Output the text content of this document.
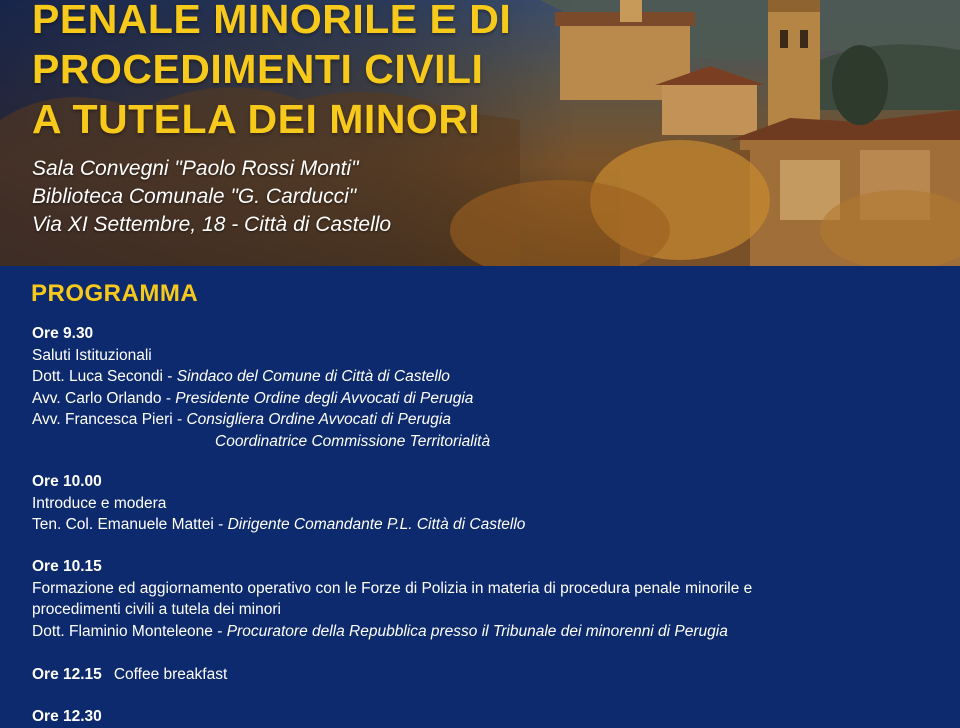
PENALE MINORILE E DI
PROCEDIMENTI CIVILI
A TUTELA DEI MINORI
Sala Convegni "Paolo Rossi Monti"
Biblioteca Comunale "G. Carducci"
Via XI Settembre, 18 - Città di Castello
PROGRAMMA
Ore 9.30
Saluti Istituzionali
Dott. Luca Secondi - Sindaco del Comune di Città di Castello
Avv. Carlo Orlando - Presidente Ordine degli Avvocati di Perugia
Avv. Francesca Pieri - Consigliera Ordine Avvocati di Perugia
Coordinatrice Commissione Territorialità
Ore 10.00
Introduce e modera
Ten. Col. Emanuele Mattei - Dirigente Comandante P.L. Città di Castello
Ore 10.15
Formazione ed aggiornamento operativo con le Forze di Polizia in materia di procedura penale minorile e
procedimenti civili a tutela dei minori
Dott. Flaminio Monteleone - Procuratore della Repubblica presso il Tribunale dei minorenni di Perugia
Ore 12.15 Coffee breakfast
Ore 12.30
